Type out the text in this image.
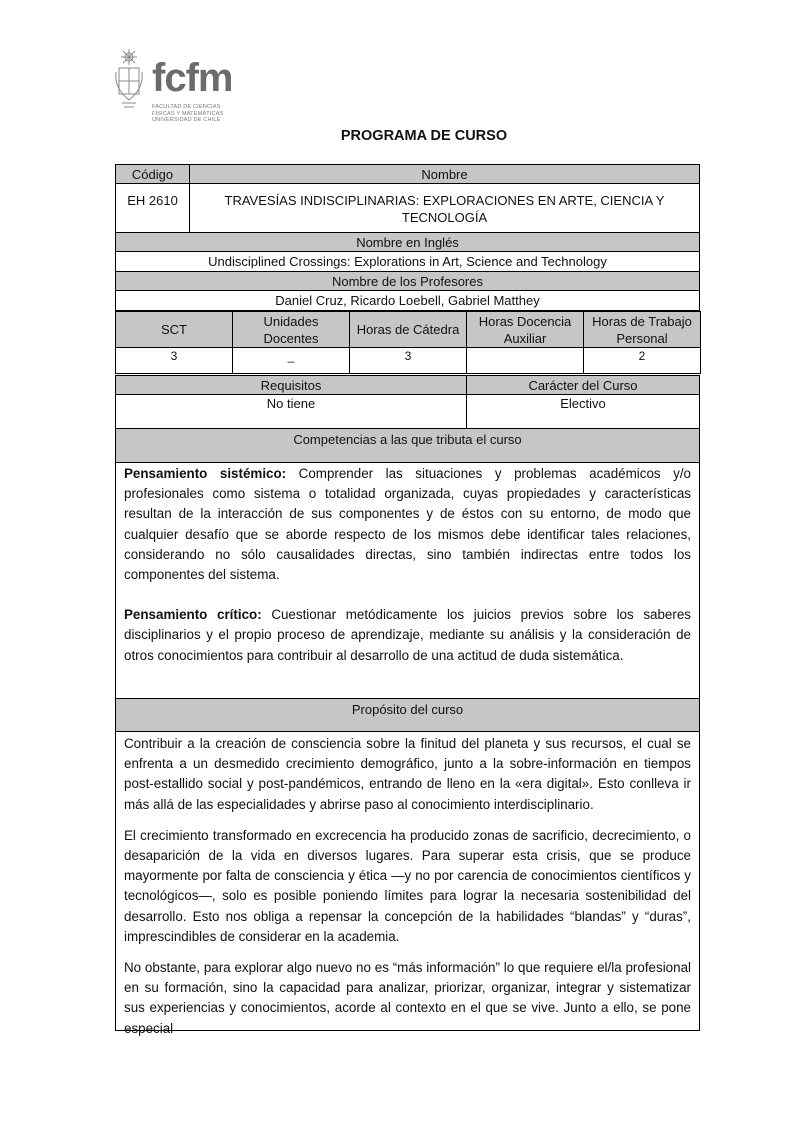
fcfm
FACULTAD DE CIENCIAS
FÍSICAS Y MATEMÁTICAS
UNIVERSIDAD DE CHILE
PROGRAMA DE CURSO
Código	Nombre
EH 2610	TRAVESÍAS INDISCIPLINARIAS: EXPLORACIONES EN ARTE, CIENCIA Y TECNOLOGÍA
Nombre en Inglés	
Undisciplined Crossings: Explorations in Art, Science and Technology	
Nombre de los Profesores	
Daniel Cruz, Ricardo Loebell, Gabriel Matthey	
SCT	Unidades Docentes	Horas de Cátedra	Horas Docencia Auxiliar	Horas de Trabajo Personal
3	_	3		2
Requisitos	Carácter del Curso
No tiene	Electivo
Competencias a las que tributa el curso	

Pensamiento sistémico: Comprender las situaciones y problemas académicos y/o profesionales como sistema o totalidad organizada, cuyas propiedades y características resultan de la interacción de sus componentes y de éstos con su entorno, de modo que cualquier desafío que se aborde respecto de los mismos debe identificar tales relaciones, considerando no sólo causalidades directas, sino también indirectas entre todos los componentes del sistema.

Pensamiento crítico: Cuestionar metódicamente los juicios previos sobre los saberes disciplinarios y el propio proceso de aprendizaje, mediante su análisis y la consideración de otros conocimientos para contribuir al desarrollo de una actitud de duda sistemática.

Propósito del curso

Contribuir a la creación de consciencia sobre la finitud del planeta y sus recursos, el cual se enfrenta a un desmedido crecimiento demográfico, junto a la sobre-información en tiempos post-estallido social y post-pandémicos, entrando de lleno en la «era digital». Esto conlleva ir más allá de las especialidades y abrirse paso al conocimiento interdisciplinario.

El crecimiento transformado en excrecencia ha producido zonas de sacrificio, decrecimiento, o desaparición de la vida en diversos lugares. Para superar esta crisis, que se produce mayormente por falta de consciencia y ética —y no por carencia de conocimientos científicos y tecnológicos—, solo es posible poniendo límites para lograr la necesaria sostenibilidad del desarrollo. Esto nos obliga a repensar la concepción de la habilidades “blandas” y “duras”, imprescindibles de considerar en la academia.

No obstante, para explorar algo nuevo no es “más información” lo que requiere el/la profesional en su formación, sino la capacidad para analizar, priorizar, organizar, integrar y sistematizar sus experiencias y conocimientos, acorde al contexto en el que se vive. Junto a ello, se pone especial
